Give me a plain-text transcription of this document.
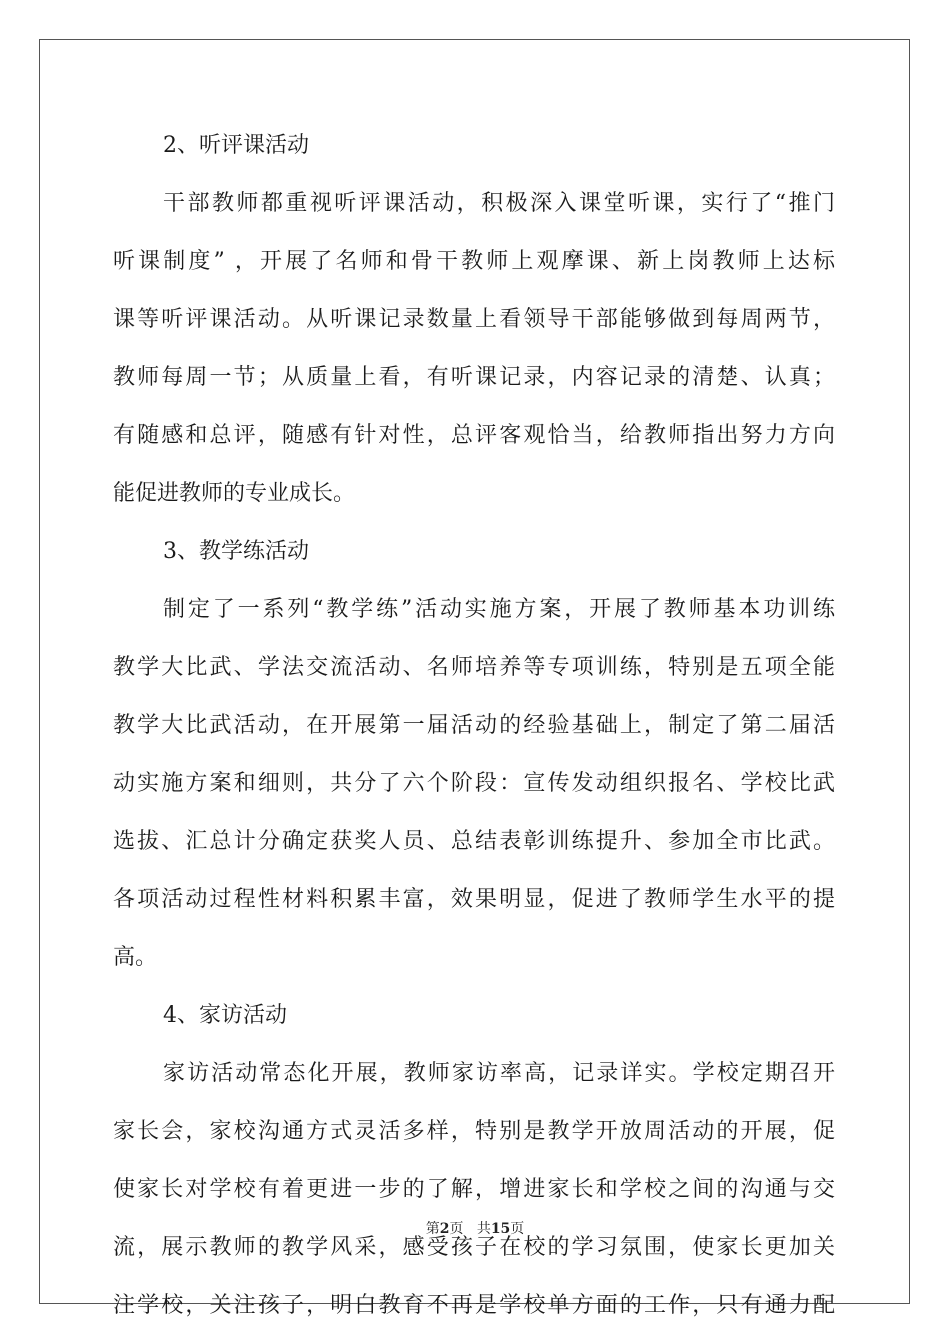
2、听评课活动
干部教师都重视听评课活动，积极深入课堂听课，实行了“推门
听课制度” ，开展了名师和骨干教师上观摩课、新上岗教师上达标
课等听评课活动。从听课记录数量上看领导干部能够做到每周两节，
教师每周一节；从质量上看，有听课记录，内容记录的清楚、认真；
有随感和总评，随感有针对性，总评客观恰当，给教师指出努力方向
能促进教师的专业成长。
3、教学练活动
制定了一系列“教学练”活动实施方案，开展了教师基本功训练
教学大比武、学法交流活动、名师培养等专项训练，特别是五项全能
教学大比武活动，在开展第一届活动的经验基础上，制定了第二届活
动实施方案和细则，共分了六个阶段：宣传发动组织报名、学校比武
选拔、汇总计分确定获奖人员、总结表彰训练提升、参加全市比武。
各项活动过程性材料积累丰富，效果明显，促进了教师学生水平的提
高。
4、家访活动
家访活动常态化开展，教师家访率高，记录详实。学校定期召开
家长会，家校沟通方式灵活多样，特别是教学开放周活动的开展，促
使家长对学校有着更进一步的了解，增进家长和学校之间的沟通与交
流，展示教师的教学风采，感受孩子在校的学习氛围，使家长更加关
注学校，关注孩子，明白教育不再是学校单方面的工作，只有通力配
第2页 共15页
